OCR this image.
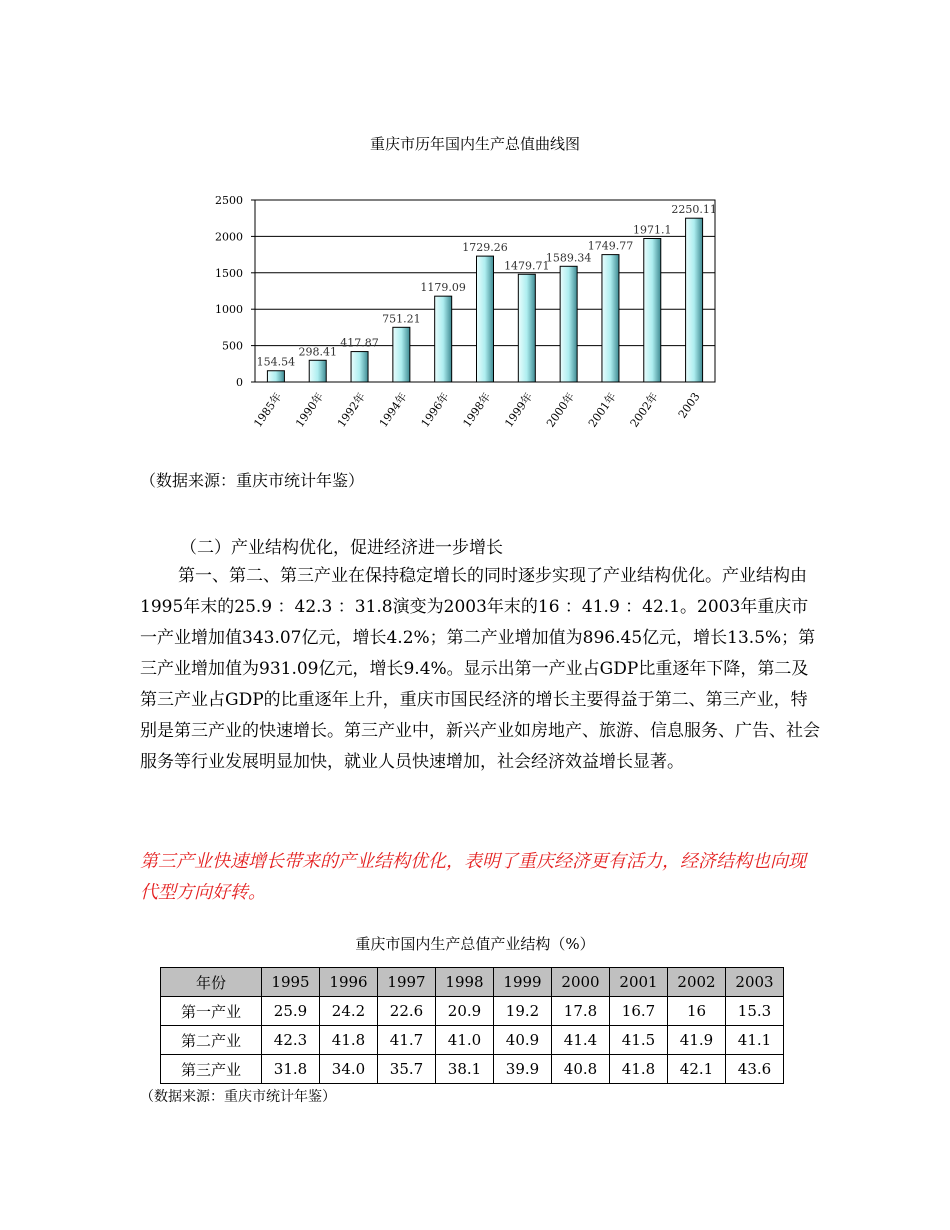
重庆市历年国内生产总值曲线图
0
500
1000
1500
2000
2500
154.54
1985年
298.41
1990年
417.87
1992年
751.21
1994年
1179.09
1996年
1729.26
1998年
1479.71
1999年
1589.34
2000年
1749.77
2001年
1971.1
2002年
2250.11
2003
（数据来源：重庆市统计年鉴）
（二）产业结构优化，促进经济进一步增长

第一、第二、第三产业在保持稳定增长的同时逐步实现了产业结构优化。产业结构由1995年末的25.9 ：42.3 ：31.8演变为2003年末的16 ：41.9 ：42.1。2003年重庆市一产业增加值343.07亿元，增长4.2%；第二产业增加值为896.45亿元，增长13.5%；第三产业增加值为931.09亿元，增长9.4%。显示出第一产业占GDP比重逐年下降，第二及第三产业占GDP的比重逐年上升，重庆市国民经济的增长主要得益于第二、第三产业，特别是第三产业的快速增长。第三产业中，新兴产业如房地产、旅游、信息服务、广告、社会服务等行业发展明显加快，就业人员快速增加，社会经济效益增长显著。

第三产业快速增长带来的产业结构优化，表明了重庆经济更有活力，经济结构也向现代型方向好转。

重庆市国内生产总值产业结构（%）
年份	1995	1996	1997	1998	1999	2000	2001	2002	2003
第一产业	25.9	24.2	22.6	20.9	19.2	17.8	16.7	16	15.3
第二产业	42.3	41.8	41.7	41.0	40.9	41.4	41.5	41.9	41.1
第三产业	31.8	34.0	35.7	38.1	39.9	40.8	41.8	42.1	43.6
（数据来源：重庆市统计年鉴）
